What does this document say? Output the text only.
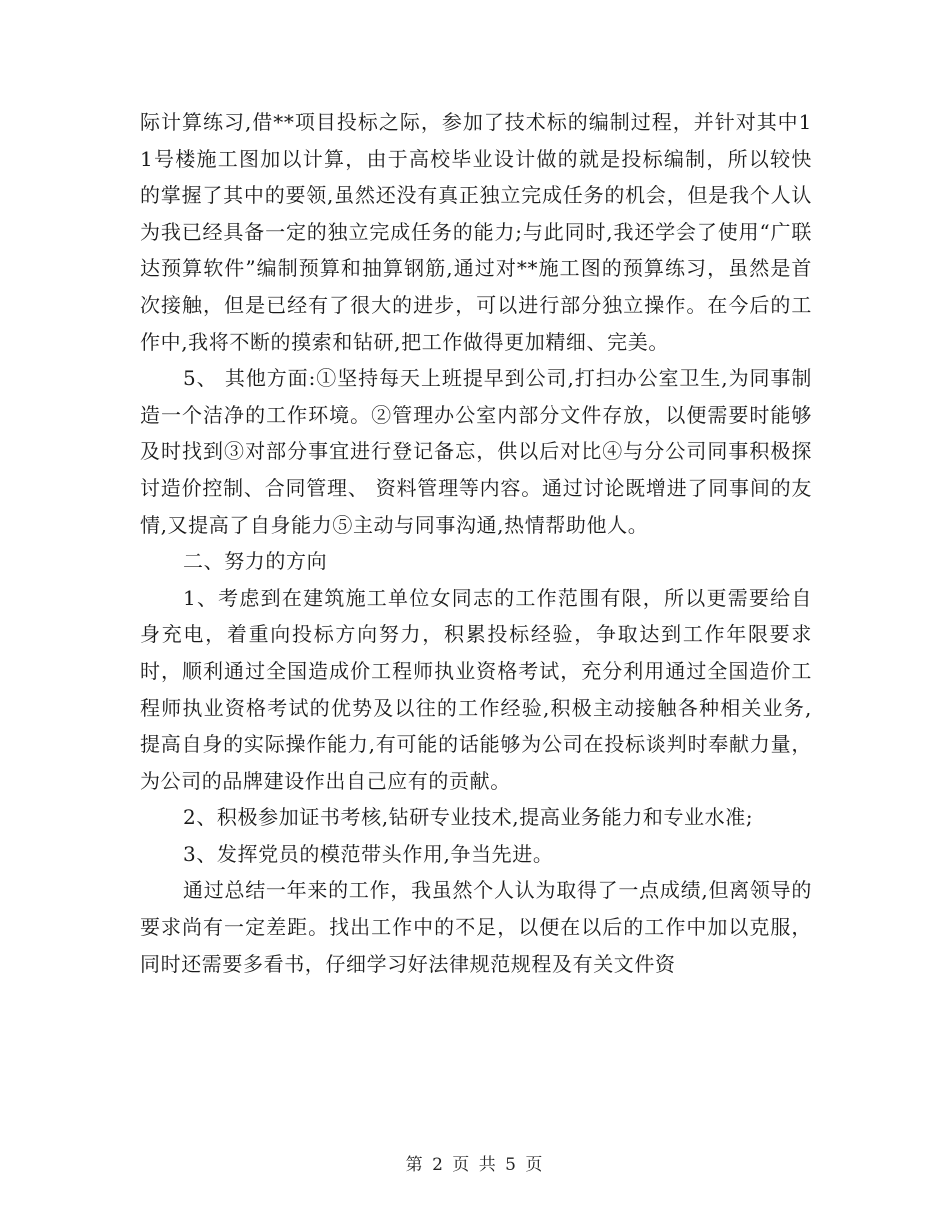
际计算练习,借**项目投标之际，参加了技术标的编制过程，并针对其中11号楼施工图加以计算，由于高校毕业设计做的就是投标编制，所以较快的掌握了其中的要领,虽然还没有真正独立完成任务的机会，但是我个人认为我已经具备一定的独立完成任务的能力;与此同时,我还学会了使用“广联达预算软件”编制预算和抽算钢筋,通过对**施工图的预算练习，虽然是首次接触，但是已经有了很大的进步，可以进行部分独立操作。在今后的工作中,我将不断的摸索和钻研,把工作做得更加精细、完美。

5、 其他方面:①坚持每天上班提早到公司,打扫办公室卫生,为同事制造一个洁净的工作环境。②管理办公室内部分文件存放，以便需要时能够及时找到③对部分事宜进行登记备忘，供以后对比④与分公司同事积极探讨造价控制、合同管理、 资料管理等内容。通过讨论既增进了同事间的友情,又提高了自身能力⑤主动与同事沟通,热情帮助他人。

二、努力的方向

1、考虑到在建筑施工单位女同志的工作范围有限，所以更需要给自身充电，着重向投标方向努力，积累投标经验，争取达到工作年限要求时，顺利通过全国造成价工程师执业资格考试，充分利用通过全国造价工程师执业资格考试的优势及以往的工作经验,积极主动接触各种相关业务,提高自身的实际操作能力,有可能的话能够为公司在投标谈判时奉献力量，为公司的品牌建设作出自己应有的贡献。

2、积极参加证书考核,钻研专业技术,提高业务能力和专业水准;

3、发挥党员的模范带头作用,争当先进。

通过总结一年来的工作，我虽然个人认为取得了一点成绩,但离领导的要求尚有一定差距。找出工作中的不足，以便在以后的工作中加以克服，同时还需要多看书，仔细学习好法律规范规程及有关文件资

第 2 页 共 5 页
